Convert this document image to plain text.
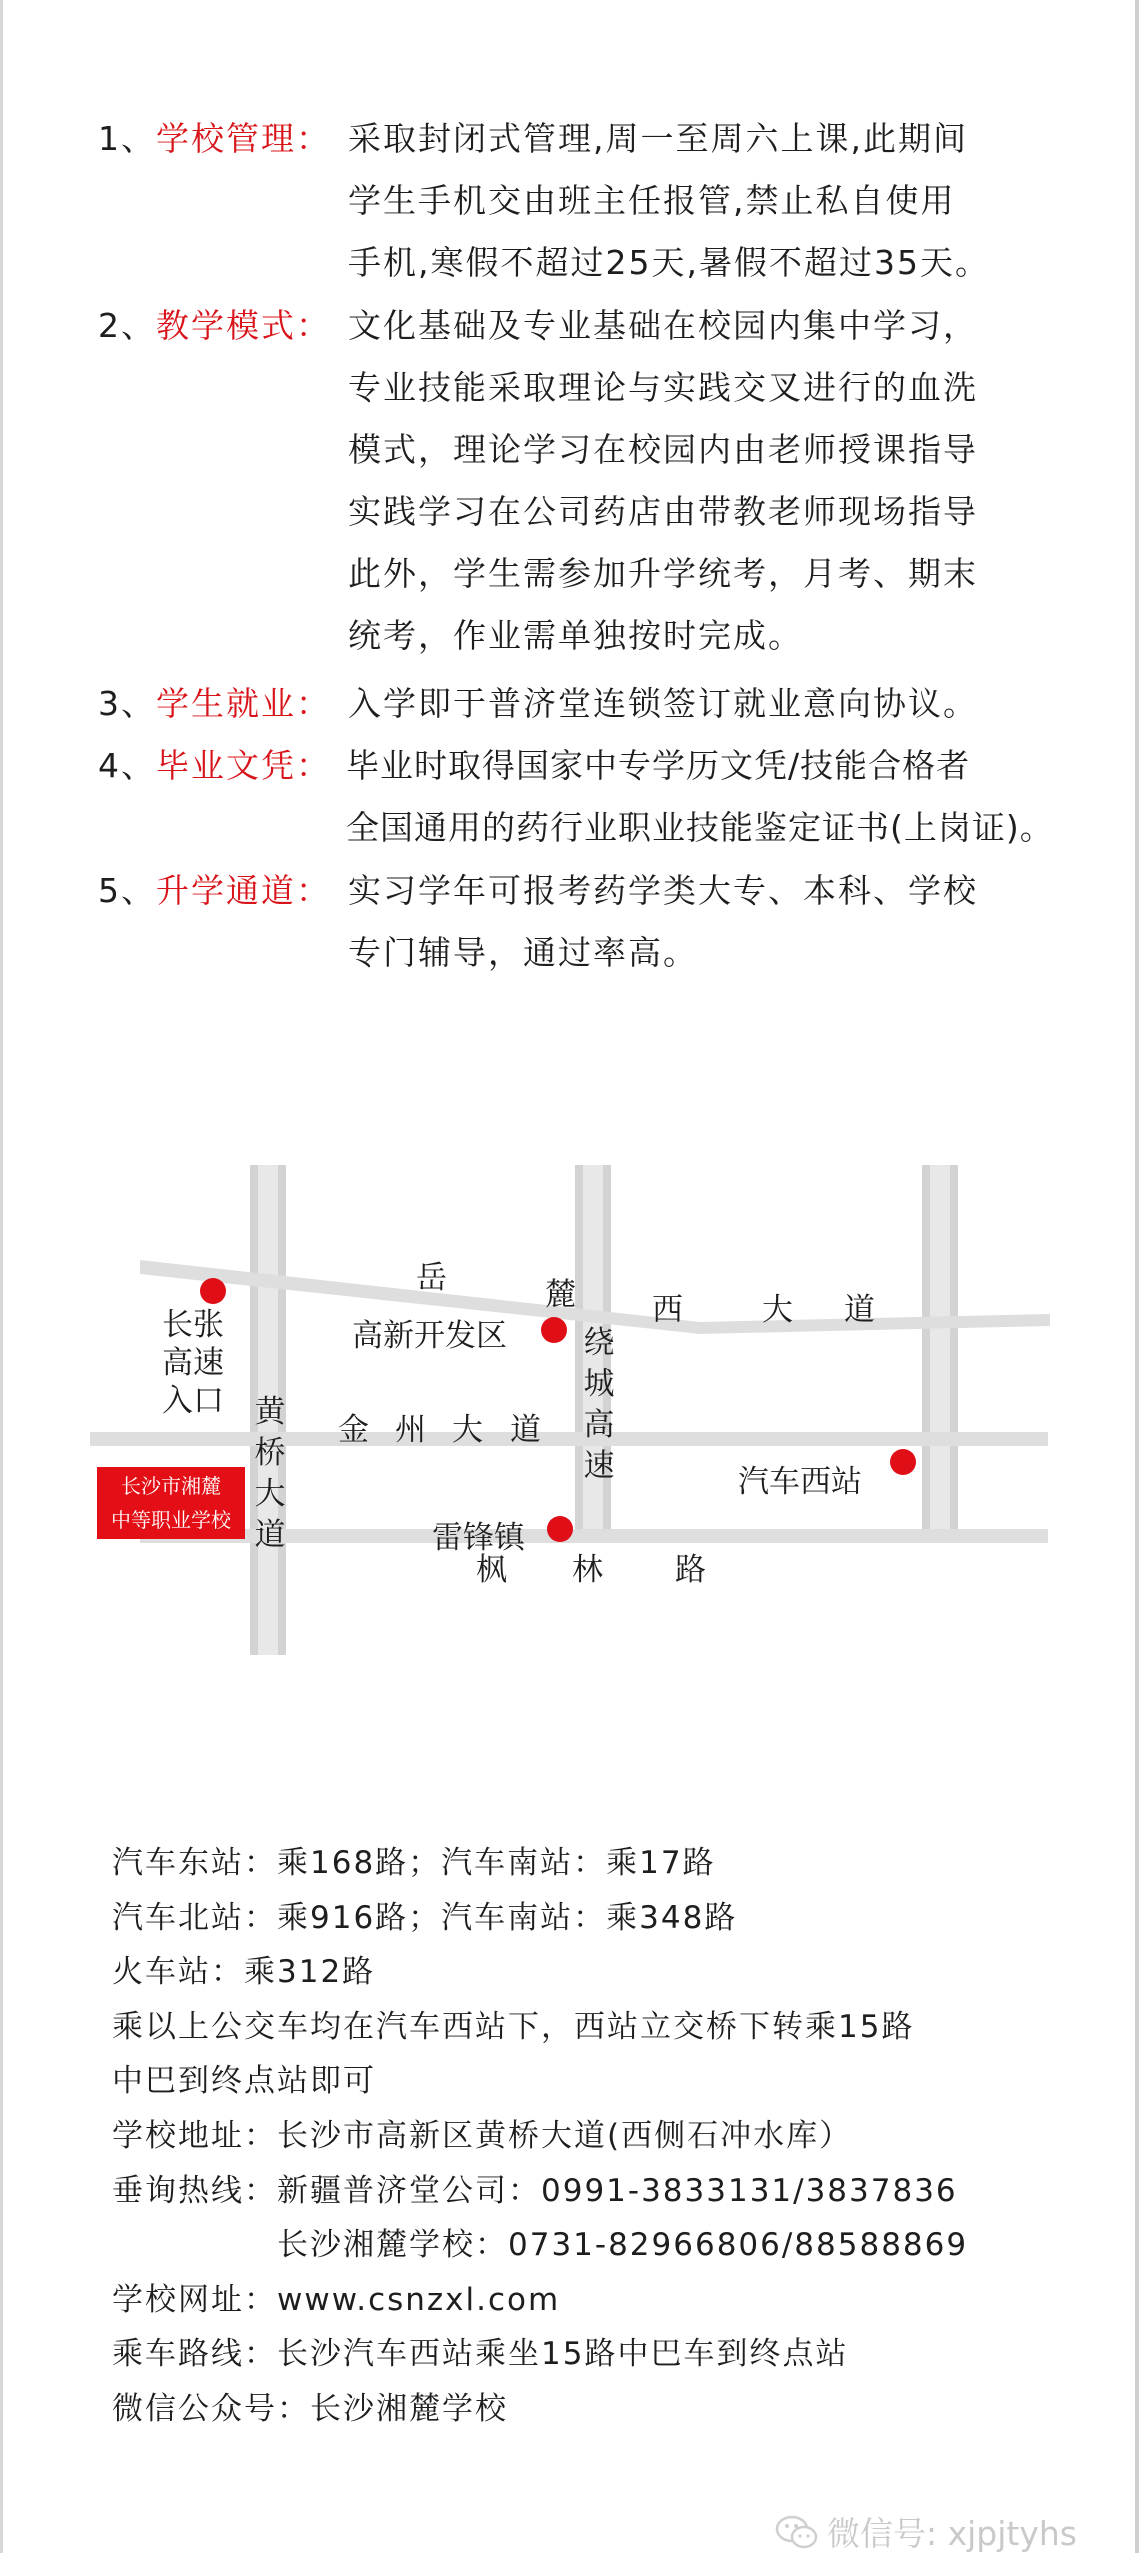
1、学校管理： 采取封闭式管理,周一至周六上课,此期间
学生手机交由班主任报管,禁止私自使用
手机,寒假不超过25天,暑假不超过35天。
2、教学模式： 文化基础及专业基础在校园内集中学习，
专业技能采取理论与实践交叉进行的血洗
模式，理论学习在校园内由老师授课指导
实践学习在公司药店由带教老师现场指导
此外，学生需参加升学统考，月考、期末
统考，作业需单独按时完成。
3、学生就业： 入学即于普济堂连锁签订就业意向协议。
4、毕业文凭： 毕业时取得国家中专学历文凭/技能合格者
全国通用的药行业职业技能鉴定证书(上岗证)。
5、升学通道： 实习学年可报考药学类大专、本科、学校
专门辅导，通过率高。
岳	麓 西	大 道
长张
高速
入口
高新开发区
黄
桥
大
道
绕
城
高
速
金 州 大 道
汽车西站
雷锋镇
枫 林 路
长沙市湘麓
中等职业学校
汽车东站：乘168路；汽车南站：乘17路
汽车北站：乘916路；汽车南站：乘348路
火车站：乘312路
乘以上公交车均在汽车西站下，西站立交桥下转乘15路
中巴到终点站即可
学校地址：长沙市高新区黄桥大道(西侧石冲水库）
垂询热线：新疆普济堂公司：0991-3833131/3837836
　　　　　长沙湘麓学校：0731-82966806/88588869
学校网址：www.csnzxl.com
乘车路线：长沙汽车西站乘坐15路中巴车到终点站
微信公众号：长沙湘麓学校
微信号: xjpjtyhs
